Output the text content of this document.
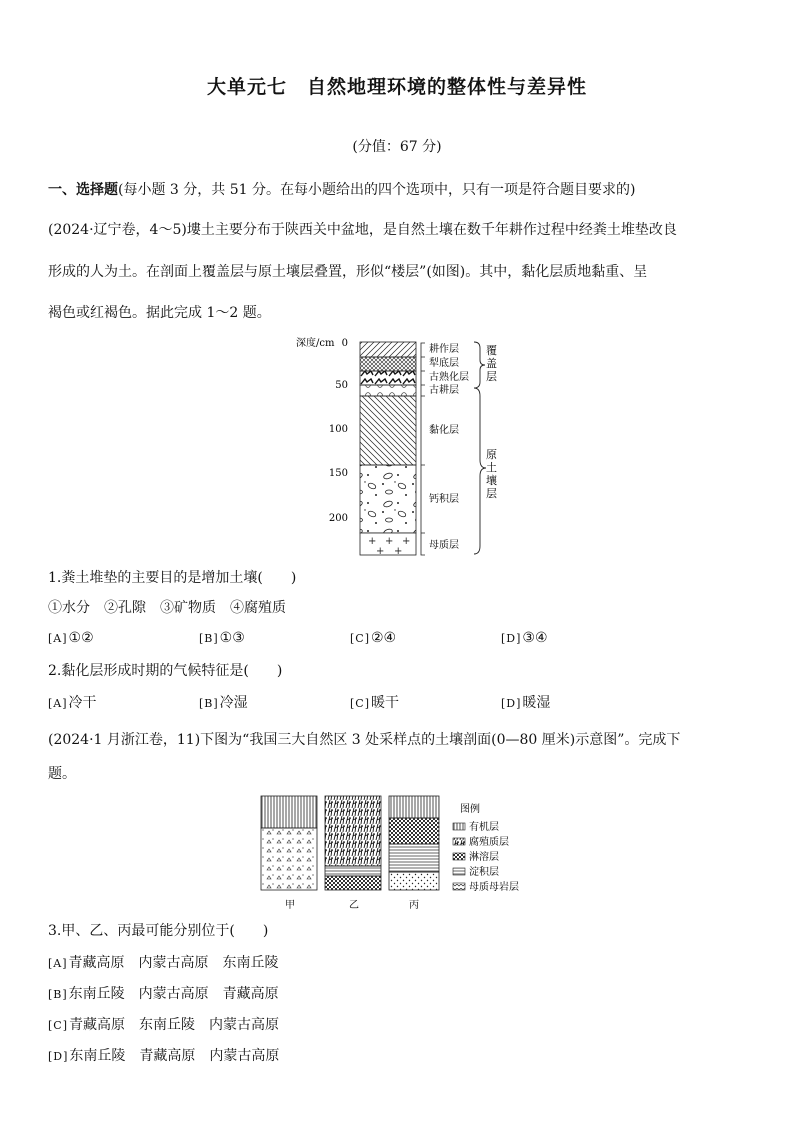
大单元七　自然地理环境的整体性与差异性
(分值：67 分)
一、选择题(每小题 3 分，共 51 分。在每小题给出的四个选项中，只有一项是符合题目要求的)
(2024·辽宁卷，4～5)塿土主要分布于陕西关中盆地，是自然土壤在数千年耕作过程中经粪土堆垫改良
形成的人为土。在剖面上覆盖层与原土壤层叠置，形似“楼层”(如图)。其中，黏化层质地黏重、呈
褐色或红褐色。据此完成 1～2 题。
深度/cm 0
50
100
150
200
+ + +
+ +
耕作层
犁底层
古熟化层
古耕层
黏化层
钙积层
母质层
覆
盖
层
原
土
壤
层
1.粪土堆垫的主要目的是增加土壤(　　)
①水分　②孔隙　③矿物质　④腐殖质
[A]①②	[B]①③	[C]②④	[D]③④
2.黏化层形成时期的气候特征是(　　)
[A]冷干	[B]冷湿	[C]暖干	[D]暖湿
(2024·1 月浙江卷，11)下图为“我国三大自然区 3 处采样点的土壤剖面(0—80 厘米)示意图”。完成下
题。
甲	乙	丙
图例
有机层
腐殖质层
淋溶层
淀积层
母质母岩层
3.甲、乙、丙最可能分别位于(　　)
[A]青藏高原　内蒙古高原　东南丘陵
[B]东南丘陵　内蒙古高原　青藏高原
[C]青藏高原　东南丘陵　内蒙古高原
[D]东南丘陵　青藏高原　内蒙古高原
